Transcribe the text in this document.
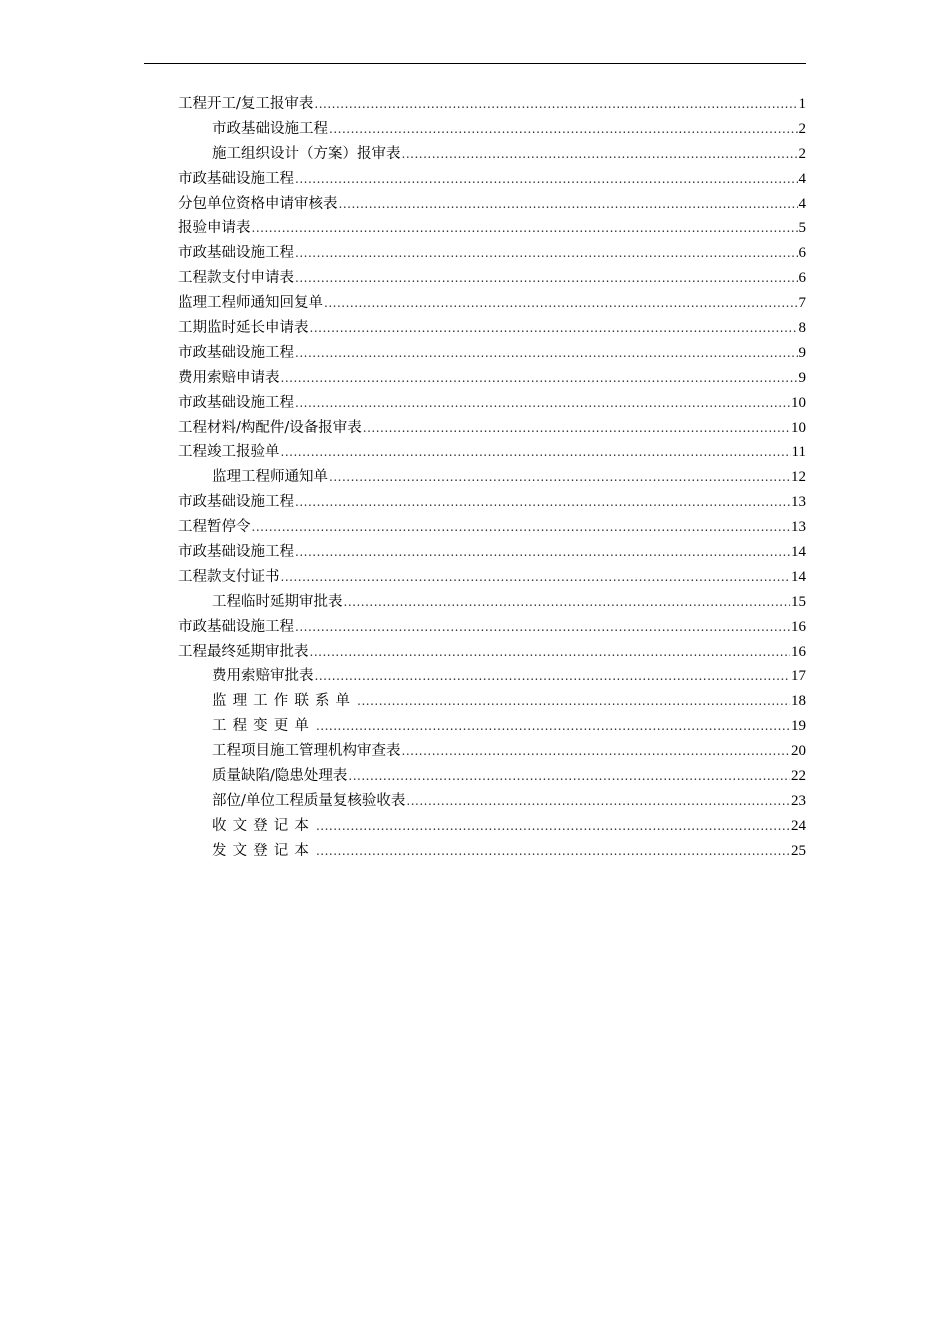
工程开工/复工报审表 .....	1
市政基础设施工程 .....	2
施工组织设计（方案）报审表 .....	2
市政基础设施工程 .....	4
分包单位资格申请审核表 .....	4
报验申请表 .....	5
市政基础设施工程 .....	6
工程款支付申请表 .....	6
监理工程师通知回复单 .....	7
工期监时延长申请表 .....	8
市政基础设施工程 .....	9
费用索赔申请表 .....	9
市政基础设施工程 .....	10
工程材料/构配件/设备报审表 .....	10
工程竣工报验单 .....	11
监理工程师通知单 .....	12
市政基础设施工程 .....	13
工程暂停令 .....	13
市政基础设施工程 .....	14
工程款支付证书 .....	14
工程临时延期审批表 .....	15
市政基础设施工程 .....	16
工程最终延期审批表 .....	16
费用索赔审批表 .....	17
监理工作联系单 .....	18
工程变更单 .....	19
工程项目施工管理机构审查表 .....	20
质量缺陷/隐患处理表 .....	22
部位/单位工程质量复核验收表 .....	23
收文登记本 .....	24
发文登记本 .....	25
